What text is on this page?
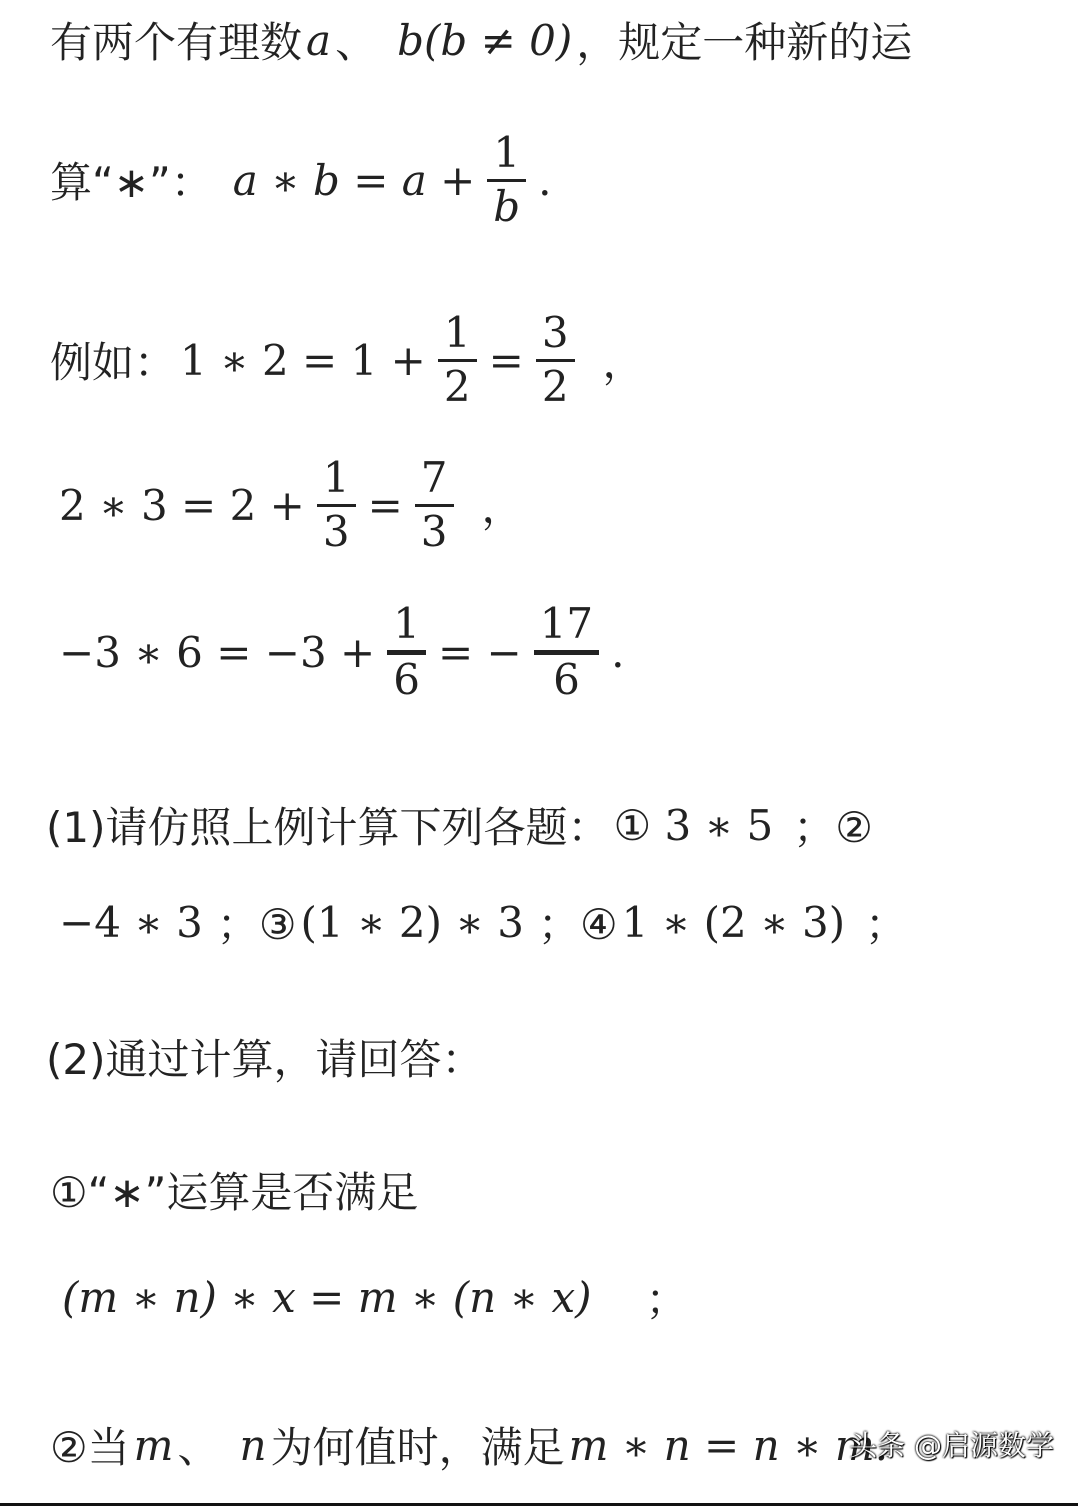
有两个有理数 a 、 b(b ≠ 0) ，规定一种新的运
算“∗”： a ∗ $b = a + \frac{1}{b}$ .
例如： 1 ∗ $2 = 1 + \frac{1}{2} = \frac{3}{2}$ ，
2 ∗ $3 = 2 + \frac{1}{3} = \frac{7}{3}$ ，
−3 ∗ $6 = -3 + \frac{1}{6}$ = − $\frac{17}{6}$ .
(1)请仿照上例计算下列各题： ① 3 ∗ 5 ；②
−4 ∗ 3 ；③ (1 ∗ 2) ∗ 3 ；④ 1 ∗ (2 ∗ 3) ；
(2)通过计算，请回答：
①“∗”运算是否满足
(m ∗ n) ∗ x = m ∗ (n ∗ x) ；
②当 m 、 n 为何值时，满足 m ∗ n = n ∗ m.
头条 @启源数学
